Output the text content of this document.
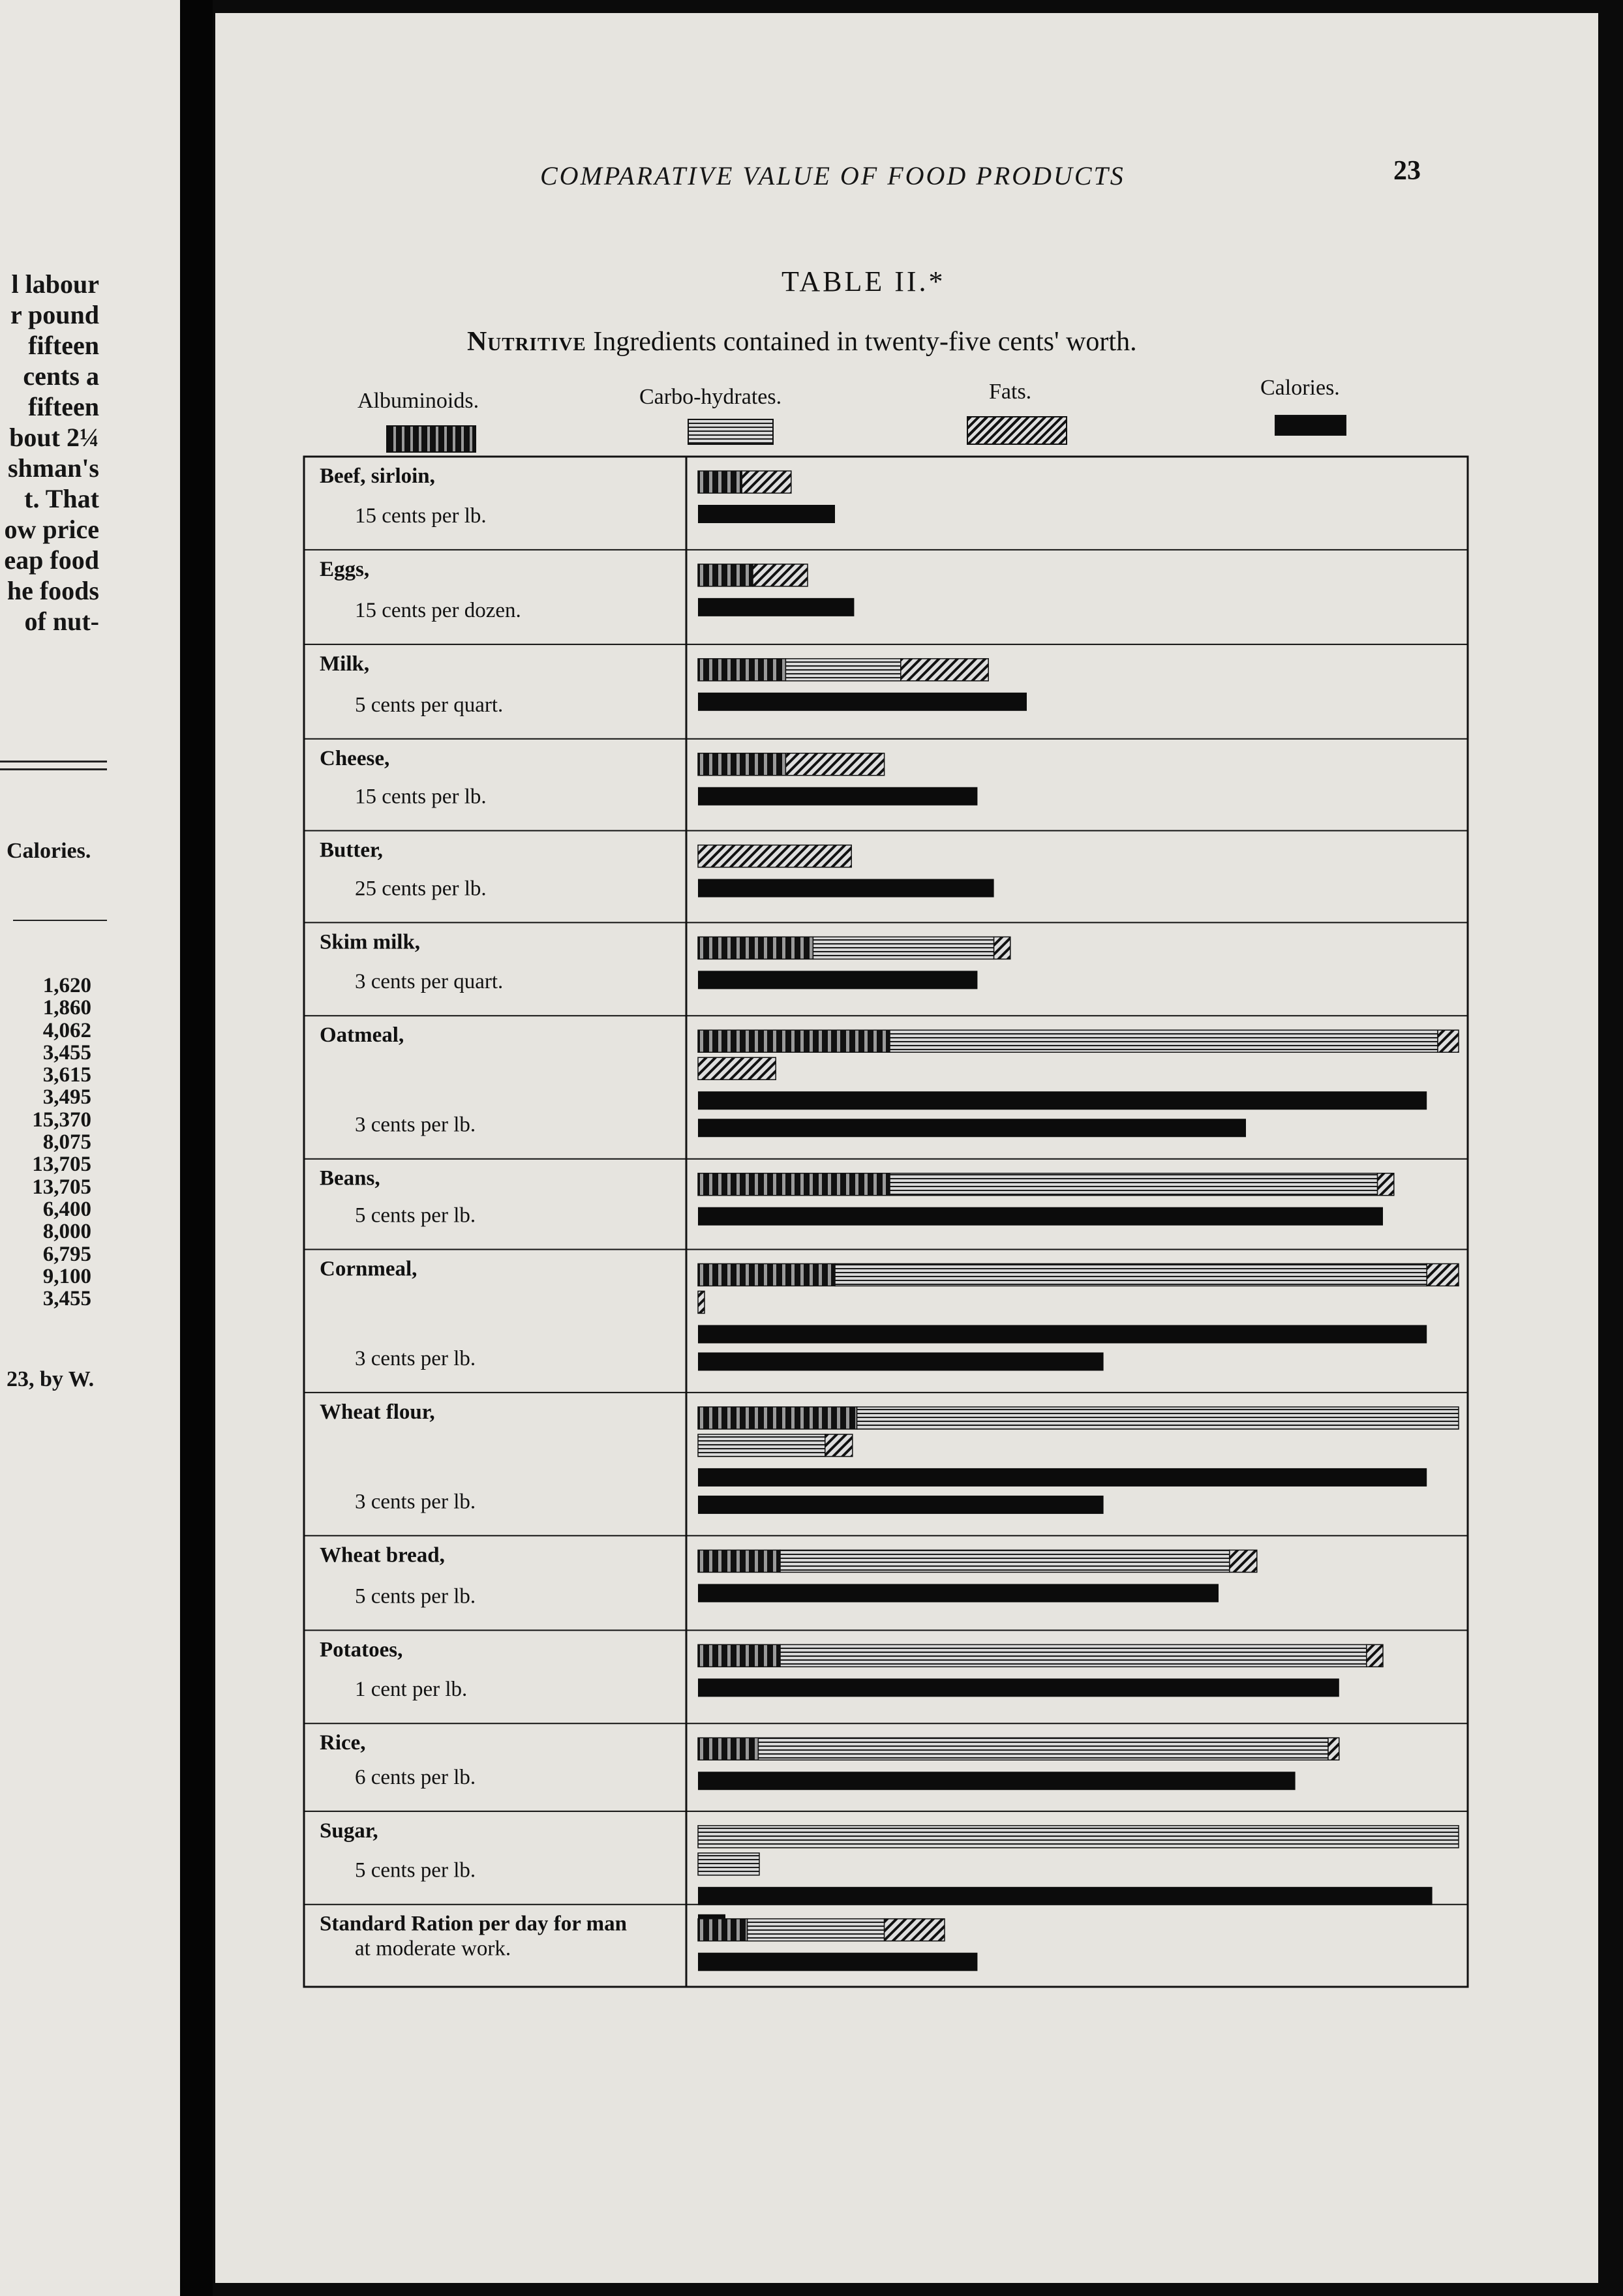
l labour
r pound
fifteen
cents a
fifteen
bout 2¼
shman's
t. That
ow price
eap food
he foods
of nut-
Calories.
1,620
1,860
4,062
3,455
3,615
3,495
15,370
8,075
13,705
13,705
6,400
8,000
6,795
9,100
3,455
23, by W.
COMPARATIVE VALUE OF FOOD PRODUCTS	23
TABLE II.*
Nutritive Ingredients contained in twenty-five cents' worth.
Albuminoids.	Carbo-hydrates.	Fats.	Calories.
Beef, sirloin,
15 cents per lb.
Eggs,
15 cents per dozen.
Milk,
5 cents per quart.
Cheese,
15 cents per lb.
Butter,
25 cents per lb.
Skim milk,
3 cents per quart.
Oatmeal,
3 cents per lb.
Beans,
5 cents per lb.
Cornmeal,
3 cents per lb.
Wheat flour,
3 cents per lb.
Wheat bread,
5 cents per lb.
Potatoes,
1 cent per lb.
Rice,
6 cents per lb.
Sugar,
5 cents per lb.
Standard Ration per day for man
at moderate work.
